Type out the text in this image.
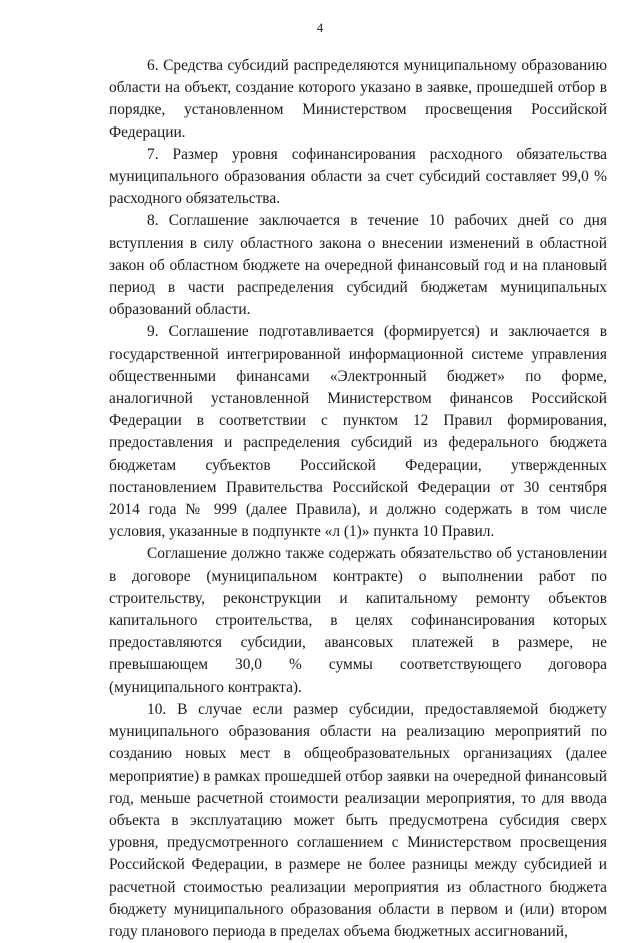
4

6. Средства субсидий распределяются муниципальному образованию области на объект, создание которого указано в заявке, прошедшей отбор в порядке, установленном Министерством просвещения Российской Федерации.

7. Размер уровня софинансирования расходного обязательства муниципального образования области за счет субсидий составляет 99,0 % расходного обязательства.

8. Соглашение заключается в течение 10 рабочих дней со дня вступления в силу областного закона о внесении изменений в областной закон об областном бюджете на очередной финансовый год и на плановый период в части распределения субсидий бюджетам муниципальных образований области.

9. Соглашение подготавливается (формируется) и заключается в государственной интегрированной информационной системе управления общественными финансами «Электронный бюджет» по форме, аналогичной установленной Министерством финансов Российской Федерации в соответствии с пунктом 12 Правил формирования, предоставления и распределения субсидий из федерального бюджета бюджетам субъектов Российской Федерации, утвержденных постановлением Правительства Российской Федерации от 30 сентября 2014 года № 999 (далее Правила), и должно содержать в том числе условия, указанные в подпункте «л (1)» пункта 10 Правил.

Соглашение должно также содержать обязательство об установлении в договоре (муниципальном контракте) о выполнении работ по строительству, реконструкции и капитальному ремонту объектов капитального строительства, в целях софинансирования которых предоставляются субсидии, авансовых платежей в размере, не превышающем 30,0 % суммы соответствующего договора (муниципального контракта).

10. В случае если размер субсидии, предоставляемой бюджету муниципального образования области на реализацию мероприятий по созданию новых мест в общеобразовательных организациях (далее мероприятие) в рамках прошедшей отбор заявки на очередной финансовый год, меньше расчетной стоимости реализации мероприятия, то для ввода объекта в эксплуатацию может быть предусмотрена субсидия сверх уровня, предусмотренного соглашением с Министерством просвещения Российской Федерации, в размере не более разницы между субсидией и расчетной стоимостью реализации мероприятия из областного бюджета бюджету муниципального образования области в первом и (или) втором году планового периода в пределах объема бюджетных ассигнований,
